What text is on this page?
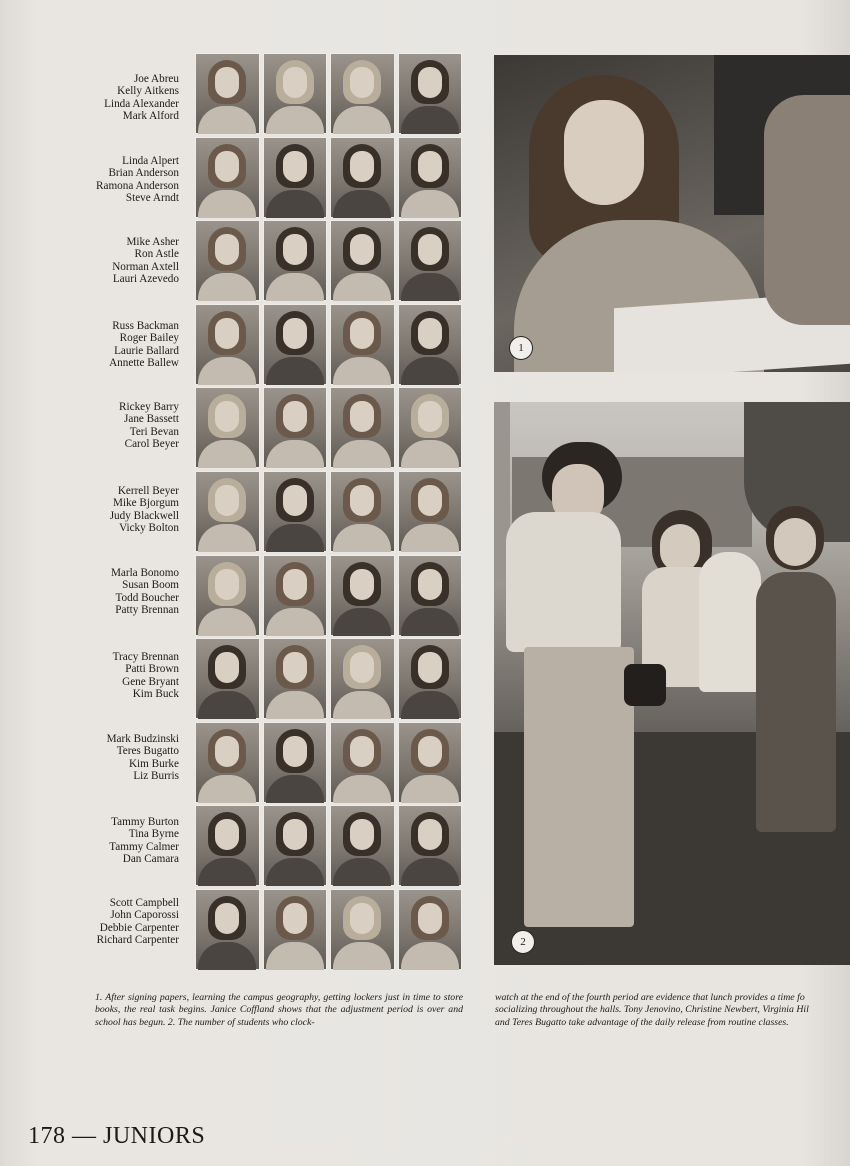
Joe Abreu
Kelly Aitkens
Linda Alexander
Mark Alford
Linda Alpert
Brian Anderson
Ramona Anderson
Steve Arndt
Mike Asher
Ron Astle
Norman Axtell
Lauri Azevedo
Russ Backman
Roger Bailey
Laurie Ballard
Annette Ballew
Rickey Barry
Jane Bassett
Teri Bevan
Carol Beyer
Kerrell Beyer
Mike Bjorgum
Judy Blackwell
Vicky Bolton
Marla Bonomo
Susan Boom
Todd Boucher
Patty Brennan
Tracy Brennan
Patti Brown
Gene Bryant
Kim Buck
Mark Budzinski
Teres Bugatto
Kim Burke
Liz Burris
Tammy Burton
Tina Byrne
Tammy Calmer
Dan Camara
Scott Campbell
John Caporossi
Debbie Carpenter
Richard Carpenter
1
2
1. After signing papers, learning the campus geography, getting lockers just in time to store books, the real task begins. Janice Coffland shows that the adjustment period is over and school has begun. 2. The number of students who clock-
watch at the end of the fourth period are evidence that lunch provides a time fo
socializing throughout the halls. Tony Jenovino, Christine Newbert, Virginia Hil
and Teres Bugatto take advantage of the daily release from routine classes.
178 — JUNIORS
